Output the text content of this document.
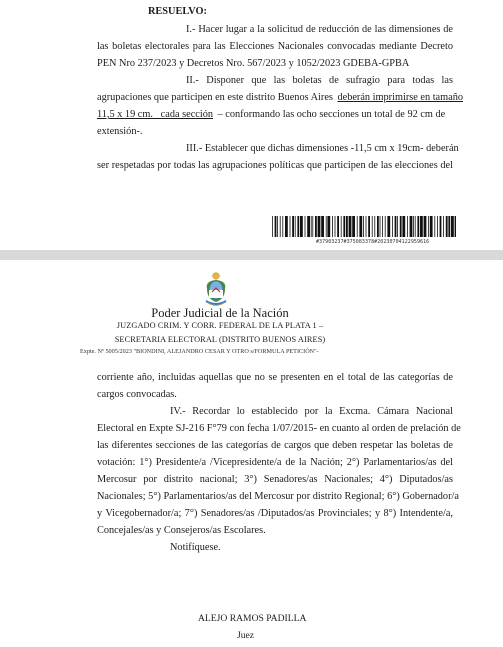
RESUELVO:
I.- Hacer lugar a la solicitud de reducción de las dimensiones de
las boletas electorales para las Elecciones Nacionales convocadas mediante Decreto
PEN Nro 237/2023 y Decretos Nro. 567/2023 y 1052/2023 GDEBA-GPBA
II.- Disponer que las boletas de sufragio para todas las
agrupaciones que participen en este distrito Buenos Aires deberán imprimirse en tamaño
11,5 x 19 cm.   cada sección – conformando las ocho secciones un total de 92 cm de
extensión-.
III.- Establecer que dichas dimensiones -11,5 cm x 19cm- deberán
ser respetadas por todas las agrupaciones políticas que participen de las elecciones del
#37903237#375083378#20230704122959616
Poder Judicial de la Nación
JUZGADO CRIM. Y CORR. FEDERAL DE LA PLATA 1 –
SECRETARIA ELECTORAL (DISTRITO BUENOS AIRES)
Expte. Nº 5005/2023 "BIONDINI, ALEJANDRO CESAR Y OTRO s/FORMULA PETICIÓN"-
corriente año, incluidas aquellas que no se presenten en el total de las categorías de
cargos convocadas.
IV.- Recordar lo establecido por la Excma. Cámara Nacional
Electoral en Expte SJ-216 F°79 con fecha 1/07/2015- en cuanto al orden de prelación de
las diferentes secciones de las categorías de cargos que deben respetar las boletas de
votación: 1°) Presidente/a /Vicepresidente/a de la Nación; 2°) Parlamentarios/as del
Mercosur por distrito nacional; 3°) Senadores/as Nacionales; 4°) Diputados/as
Nacionales; 5°) Parlamentarios/as del Mercosur por distrito Regional; 6°) Gobernador/a
y Vicegobernador/a; 7°) Senadores/as /Diputados/as Provinciales; y 8°) Intendente/a,
Concejales/as y Consejeros/as Escolares.
Notifíquese.
ALEJO RAMOS PADILLA
Juez
